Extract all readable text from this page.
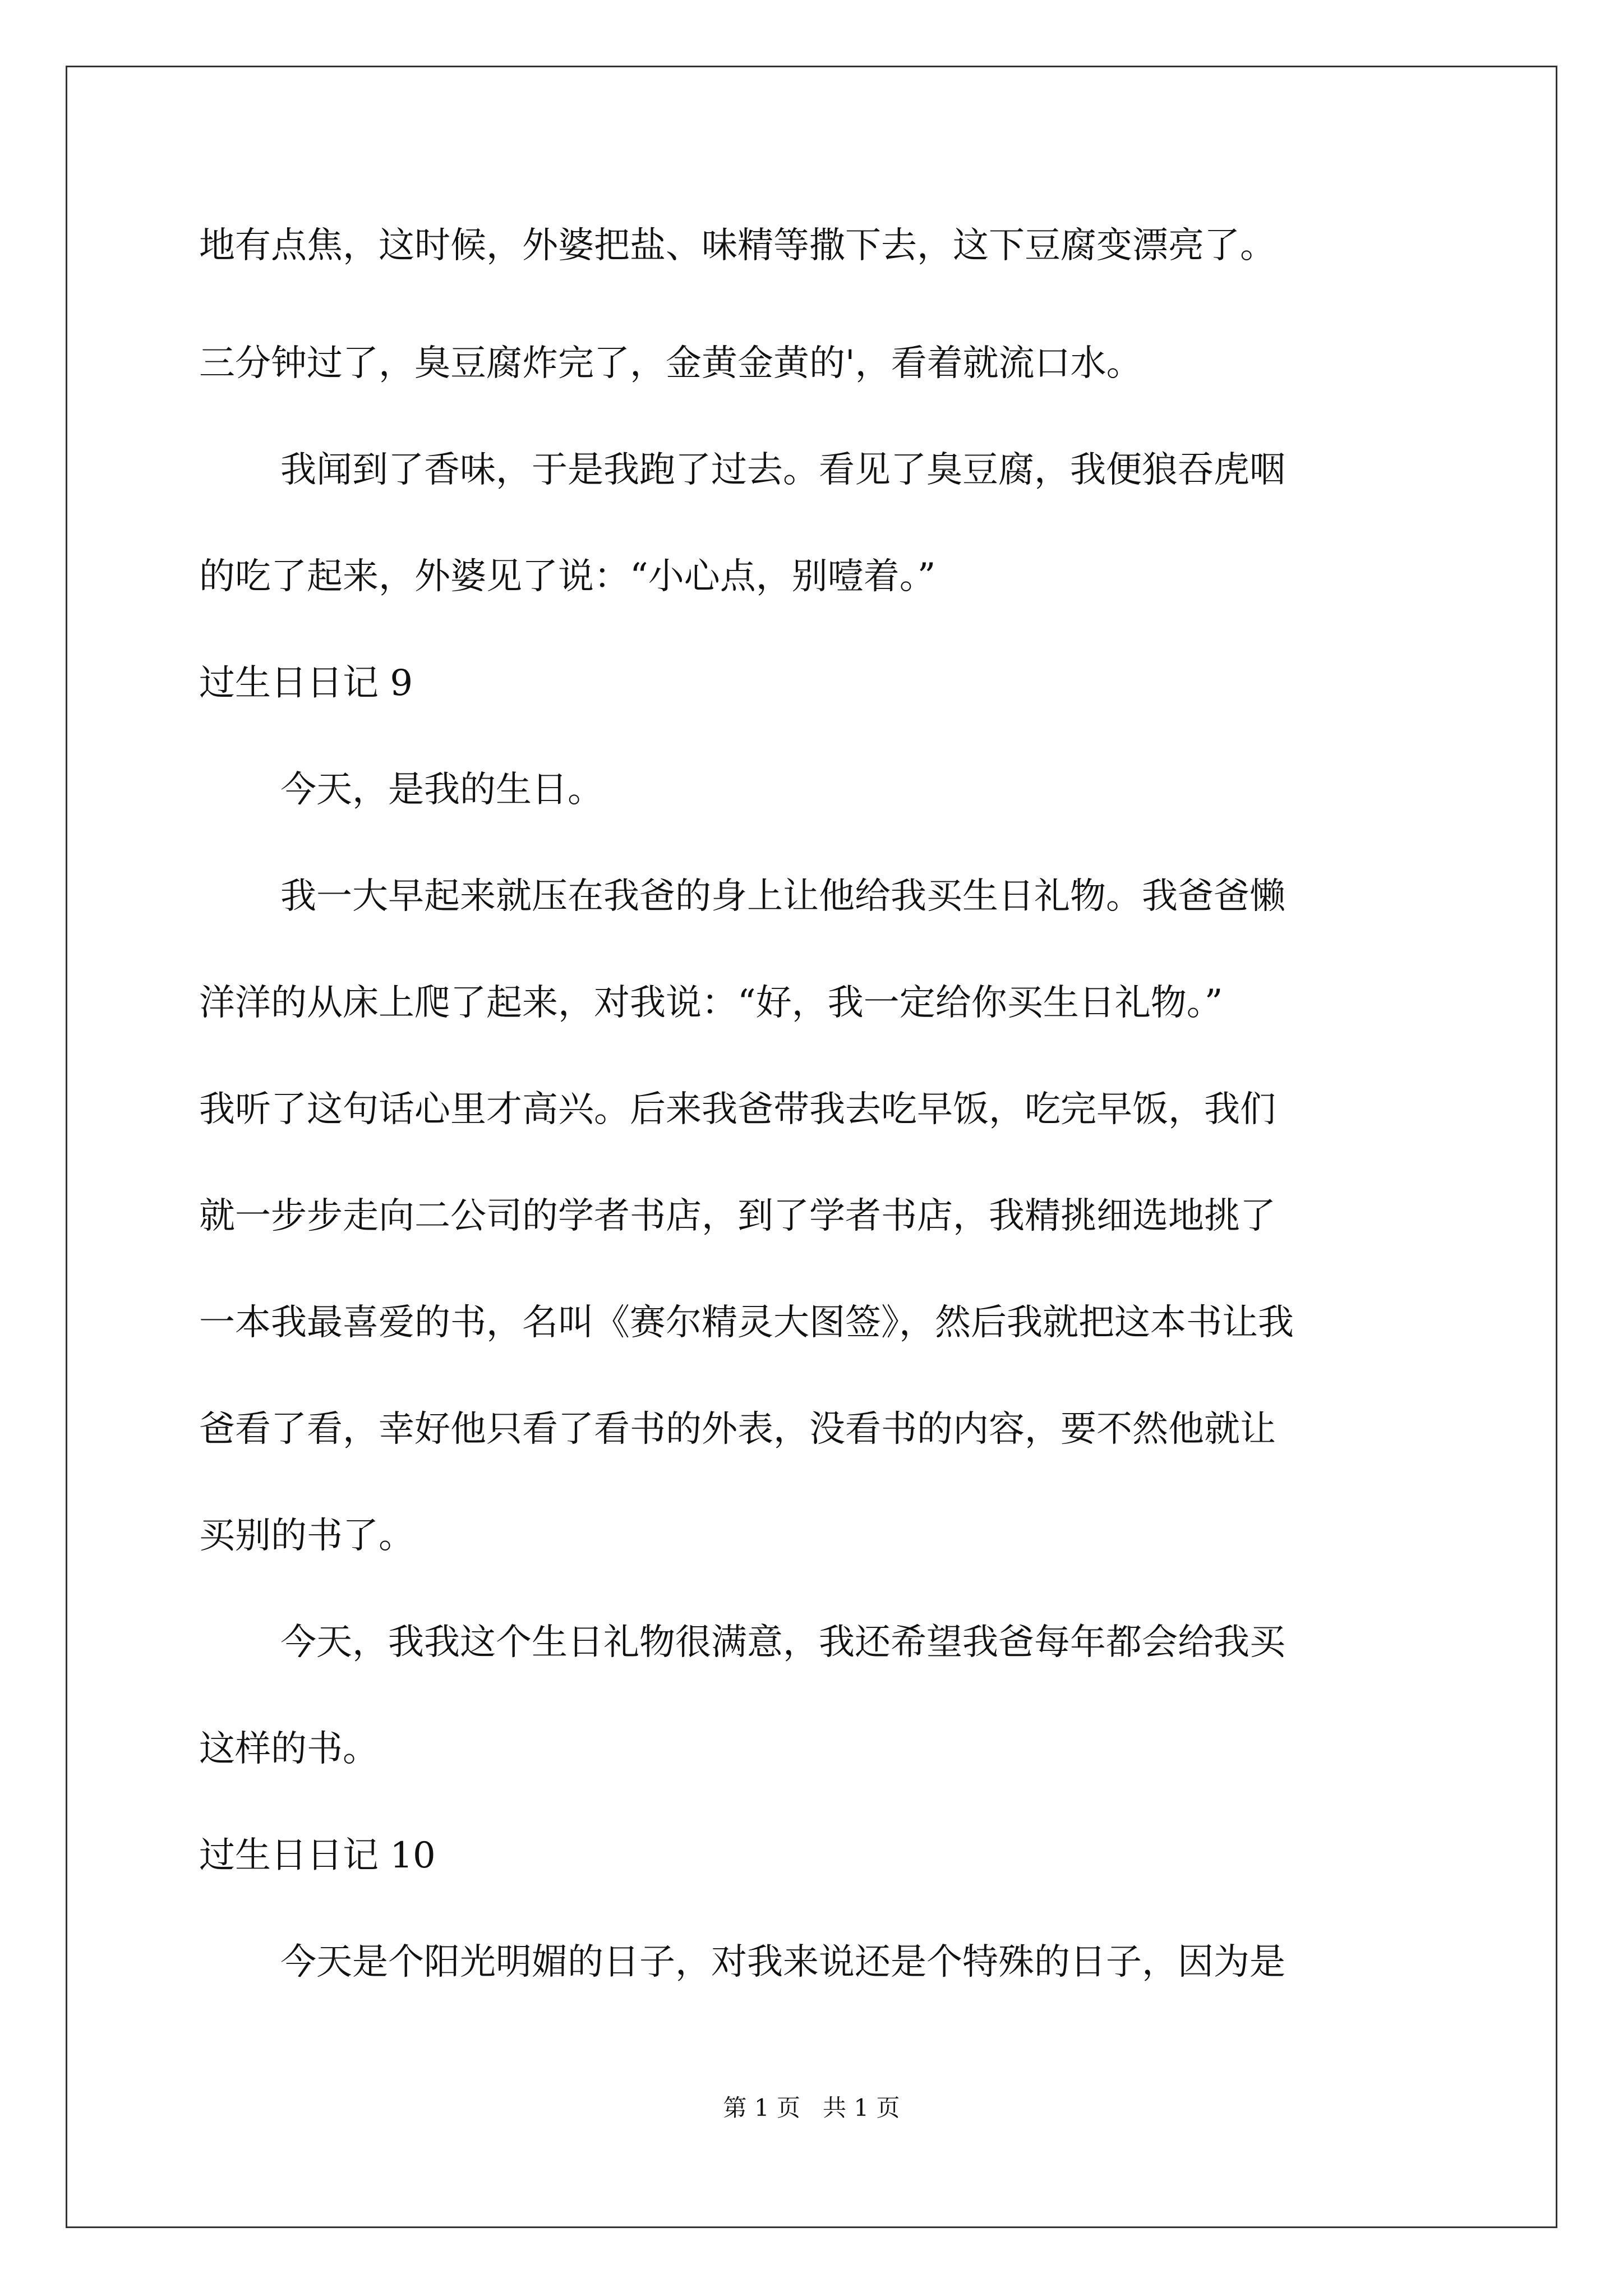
地有点焦，这时候，外婆把盐、味精等撒下去，这下豆腐变漂亮了。

三分钟过了，臭豆腐炸完了，金黄金黄的'，看着就流口水。

我闻到了香味，于是我跑了过去。看见了臭豆腐，我便狼吞虎咽

的吃了起来，外婆见了说：“小心点，别噎着。”

过生日日记 9

今天，是我的生日。

我一大早起来就压在我爸的身上让他给我买生日礼物。我爸爸懒

洋洋的从床上爬了起来，对我说：“好，我一定给你买生日礼物。”

我听了这句话心里才高兴。后来我爸带我去吃早饭，吃完早饭，我们

就一步步走向二公司的学者书店，到了学者书店，我精挑细选地挑了

一本我最喜爱的书，名叫《赛尔精灵大图签》，然后我就把这本书让我

爸看了看，幸好他只看了看书的外表，没看书的内容，要不然他就让

买别的书了。

今天，我我这个生日礼物很满意，我还希望我爸每年都会给我买

这样的书。

过生日日记 10

今天是个阳光明媚的日子，对我来说还是个特殊的日子，因为是

第 1 页   共 1 页
